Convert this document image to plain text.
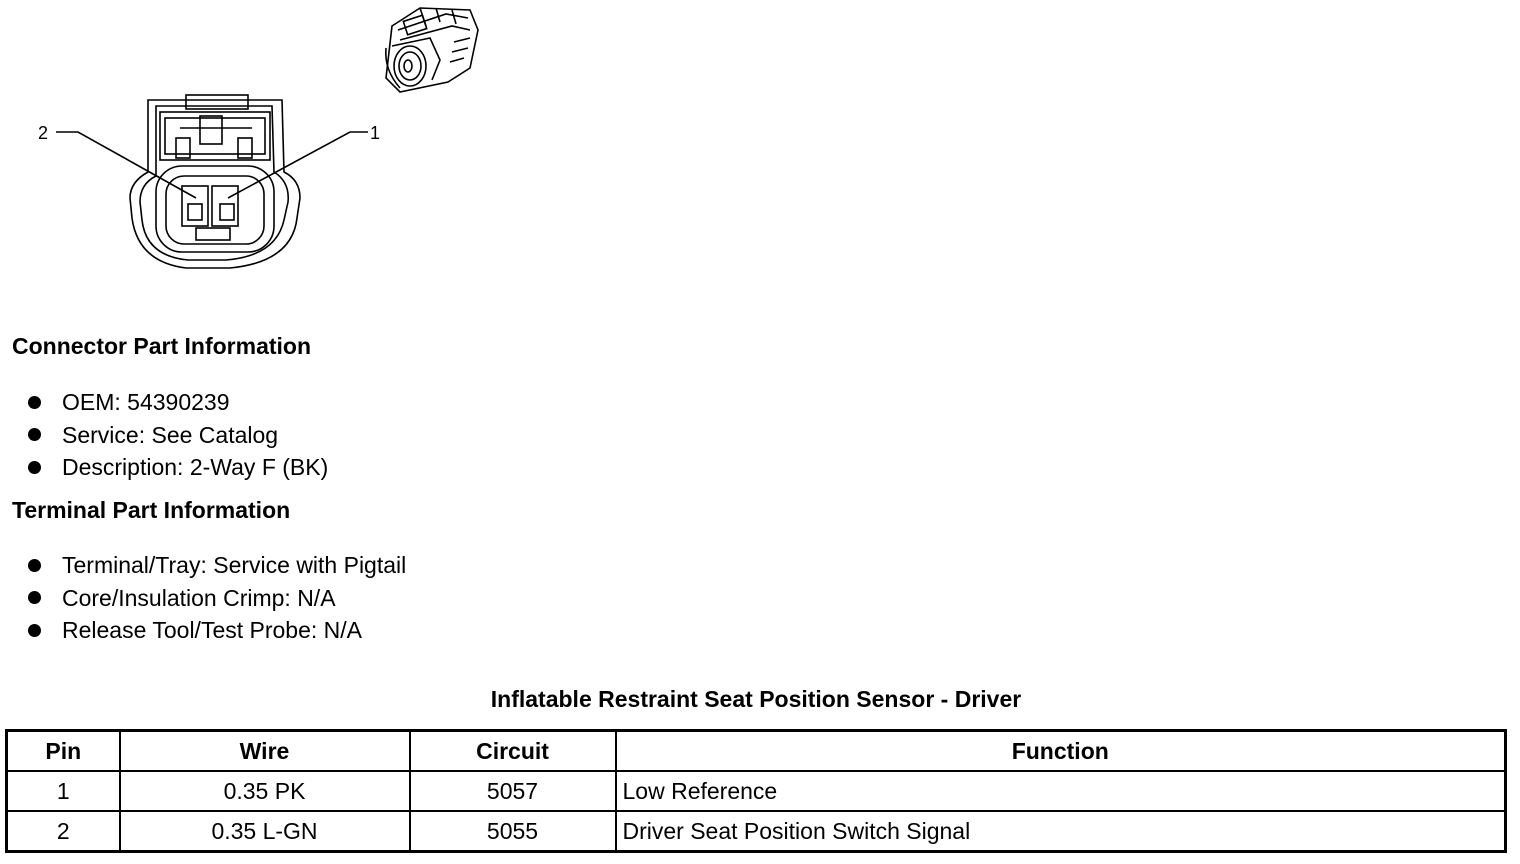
2	1
Connector Part Information
OEM: 54390239
Service: See Catalog
Description: 2-Way F (BK)
Terminal Part Information
Terminal/Tray: Service with Pigtail
Core/Insulation Crimp: N/A
Release Tool/Test Probe: N/A
Inflatable Restraint Seat Position Sensor - Driver
Pin	Wire	Circuit	Function
1	0.35 PK	5057	Low Reference
2	0.35 L-GN	5055	Driver Seat Position Switch Signal
